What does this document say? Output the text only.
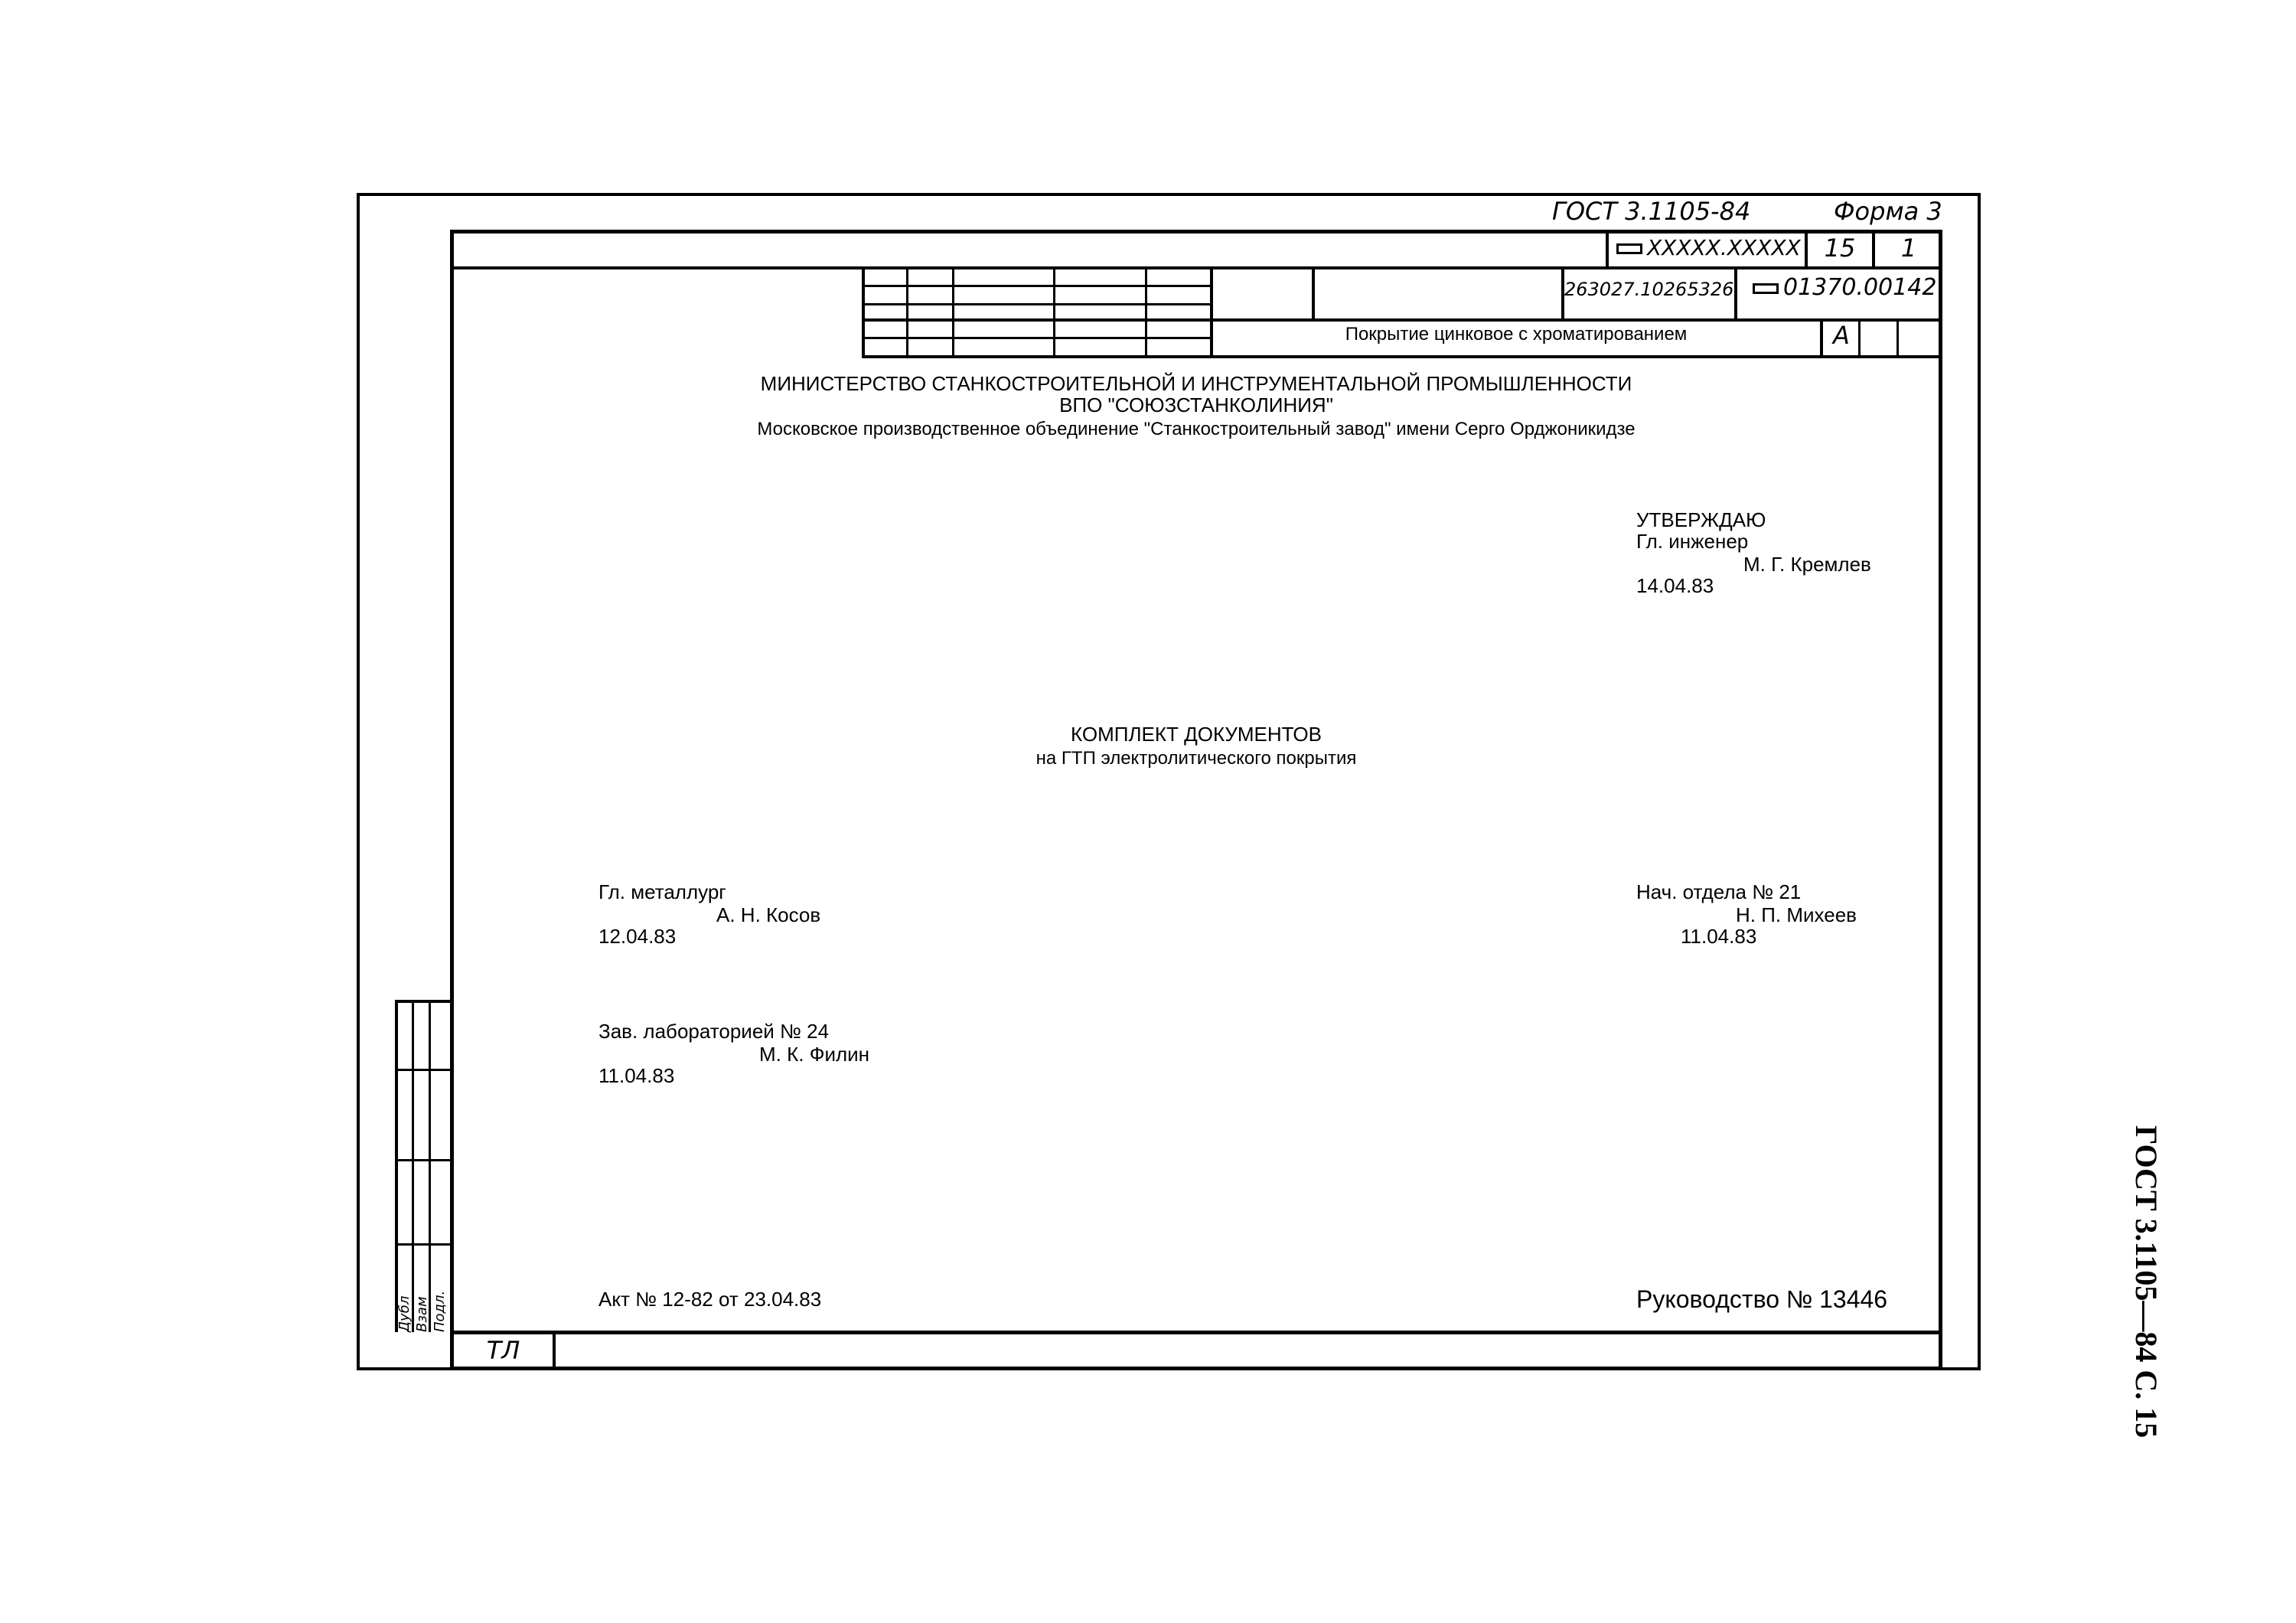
ГОСТ 3.1105-84	Форма 3
ХХХХХ.ХХХХХ 15	1
263027.10265326	01370.00142
Покрытие цинковое с хроматированием	А
МИНИСТЕРСТВО СТАНКОСТРОИТЕЛЬНОЙ И ИНСТРУМЕНТАЛЬНОЙ ПРОМЫШЛЕННОСТИ
ВПО "СОЮЗСТАНКОЛИНИЯ"
Московское производственное объединение "Станкостроительный завод" имени Серго Орджоникидзе
УТВЕРЖДАЮ
Гл. инженер
М. Г. Кремлев
14.04.83
КОМПЛЕКТ ДОКУМЕНТОВ
на ГТП электролитического покрытия
Гл. металлург
А. Н. Косов
12.04.83
Зав. лабораторией № 24
М. К. Филин
11.04.83
Нач. отдела № 21
Н. П. Михеев
11.04.83
Акт № 12-82 от 23.04.83	Руководство № 13446
ТЛ
Дубл Взам Подл.	ГОСТ 3.1105—84 С. 15
